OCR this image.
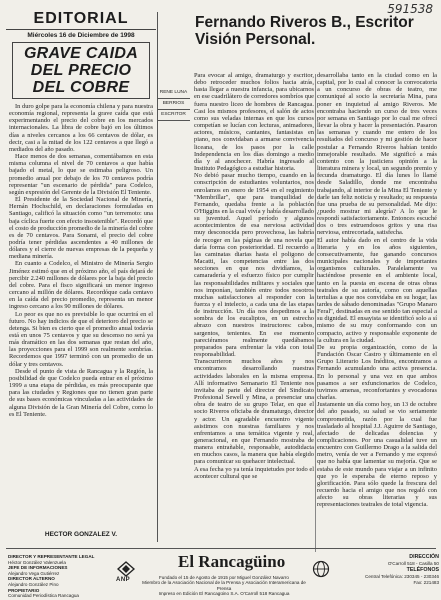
591538
EDITORIAL
Miércoles 16 de Diciembre de 1998
GRAVE CAIDA DEL PRECIO DEL COBRE

In duro golpe para la economía chilena y para nuestra economía regional, representa la grave caída que está experimentando el precio del cobre en los mercados internacionales. La libra de cobre bajó en los últimos días a niveles cercanos a los 66 centavos de dólar, es decir, casi a la mitad de los 122 centavos a que llegó a mediados del año pasado.

Hace menos de dos semanas, comentábamos en esta misma columna el nivel de 70 centavos a que había bajado el metal, lo que se estimaba peligroso. Un promedio anual por debajo de los 70 centavos podría representar "un escenario de pérdida" para Codelco, según expresión del Gerente de la División El Teniente.

El Presidente de la Sociedad Nacional de Minería, Hernán Hochschild, en declaraciones formuladas en Santiago, calificó la situación como "un terremoto: una baja cíclica fuerte con efecto insostenible". Recordó que el costo de producción promedio de la minería del cobre es de 70 centavos. Para Sonami, el precio del cobre podría tener pérdidas ascendentes a 40 millones de dólares y el cierre de nuevas empresas de la pequeña y mediana minería.

En cuanto a Codelco, el Ministro de Minería Sergio Jiménez estimó que en el próximo año, el país dejará de percibir 2.240 millones de dólares por la baja del precio del cobre. Para el fisco significará un menor ingreso cercano al millón de dólares. Recordóque cada centavo en la caída del precio promedio, representa un menor ingreso cercano a los 90 millones de dólares.

Lo peor es que no es previsible lo que ocurrirá en el futuro. No hay indicios de que el deterioro del precio se detenga. Si bien es cierto que el promedio anual todavía está en unos 75 centavos y que su descenso no será ya más dramático en las dos semanas que restan del año, las proyecciones para el 1999 son realmente sombrías. Recordemos que 1997 terminó con un promedio de un dólar y tres centavos.

Desde el punto de vista de Rancagua y la Región, la posibilidad de que Codelco pueda entrar en el próximo 1999 a una etapa de pérdidas, es más preocupante que para las ciudades y Regiones que no tienen gran parte de sus bases económicas vinculadas a las actividades de alguna División de la Gran Minería del Cobre, como lo es El Teniente.

HECTOR GONZALEZ V.
Fernando Riveros B., Escritor Visión Personal.
RENE LUNA
BERRIOS
ESCRITOR

Para evocar al amigo, dramaturgo y escritor, debo retroceder muchos folios hacia atrás, hasta llegar a nuestra infancia, para ubicarnos en ese cuadrilátero de corredores sombríos que fuera nuestro liceo de hombres de Rancagua. Casi los mismos profesores, el salón de actos como sus veladas internas en que los cursos competían se lucían con lecturas, animadores, actores, músicos, cantantes, fantasistas en piano, nos convidaban a armarse convivencia liceana, de los pasos por la calle Independencia en los días domingo a medio día y al anochecer. Habría ingresado al Instituto Pedagógico a estudiar historia.

No debió pasar mucho tiempo, cuando en la conscripción de estudiantes voluntarios, nos enrolamos en enero de 1954 en el regimiento "Membrillar", que para tranquilidad de Fernando, quedaba frente a la población O'Higgins en la cual vivía y había desarrollado su juventud. Aquel período y algunos acontecimientos de esa nerviosa actividad muy desconocida pero provechosa, las habría de recoger en las páginas de una novela que daría forma con posterioridad. El recuerdo a las caminatas diarias hasta el poligono de Macatti, las competencias entre las dos secciones en que nos dividíamos, la camaradería y el esfuerzo físico por cumplir las responsabilidades militares y sociales que nos imponían, también entre todos nosotros muchas satisfacciones al responder con la fuerza y el intelecto, a cada una de las etapas de instrucción. Un día nos despedimos a la sombra de los eucaliptos, en un estrecho abrazo con nuestros instructores: cabos, sargentos, tenientes. En ese momento pareciéramos realmente quedábamos preparados para enfrentar la vida con total responsabilidad.

Transcurrieron muchos años y nos encontramos desarrollando nuestras actividades laborales en la misma empresa. Allí informativo Semanario El Teniente nos invitaba de parte del director del Sindicato Profesional Sewell y Mina, a presenciar una obra de teatro de su grupo Telar, en que el socio Riveros oficiaba de dramaturgo, director y actor. Un agradable encuentro vigente asistimos con nuestras familiares y nos enfrentamos a una temática vigente y real, generacional, en que Fernando mostraba de manera entrañable, responsable, autodidacta en muchos casos, la manera que había elegido para comunicar su quehacer intelectual.

A esa fecha yo ya tenía inquietudes por todo el acontecer cultural que se

desarrollaba tanto en la ciudad como en la capital, por lo cual al conocer la convocatoria a un concurso de obras de teatro, me comuniqué al socio la secretaría Mina, para poner en inquietud al amigo Riveros. Me encontraba haciendo un curso de tres veces por semana en Santiago por lo cual me ofrecí llevar la obra y hacer la presentación. Pasaron las semanas y cuando me entero de los resultados del concurso y mi gestión de hacer postular a Fernando Riveros habían tenido inmejorable resultado. Me significó a más contento con la justiciera opinión a la literatura minera y local, un segundo premio y fecunda dramaturgo. El día lunes lo llamé desde Saladillo, donde me encontraba trabajando, al interior de la Mina El Teniente y darle tan feliz noticia y resultado; su respuesta fue una prueba de su personalidad. Me dijo: ¿puedo mostrar mi alegría? A lo que le respondí satisfactoriamente. Entonces escuché dos o tres estruendosos gritos y una risa nerviosa, entrecortada, satisfecha.

El autor había dado en el centro de la vida literaria y en los años siguientes, consecutivamente, fue ganando concursos municipales nacionales y de importantes organismos culturales. Paralelamente va haciéndose presente en el ambiente local, tanto en la puesta en escena de otras obras teatrales de su autoría, como con aquellas tertulias a que nos convidaba en su hogar, las tardes de sábado denominadas "Grupo Manaro Feral", destinadas en ese sentido tan especial a su dignidad. El ensayista se identificó solo a sí mismo de su muy conformando con un compacto, activo y responsable exponente de la cultura en la ciudad.

De su propia organización, como de la Fundación Oscar Castro y últimamente en el Grupo Literario Los Inéditos, encontramos a Fernando acumulando una activa presencia. En lo personal y una vez en que ambos pasamos a ser exfuncionarios de Codelco, tuvimos amenas, reconfortantes y evocadoras charlas.

Justamente un día como hoy, un 13 de octubre del año pasado, su salud se vio seriamente comprometida, razón por la cual fue trasladado al hospital J.J. Aguirre de Santiago, afectado de delicadas dolencias y complicaciones. Por una casualidad tuve un encuentro con Guillermo Drago a la salida del metro, venía de ver a Fernando y me expresó que no había que lamentar su mejoría. Que se estaba de este mundo para viajar a un infinito que yo le esperaba de eterno reposo y glorificación. Para sólo quede la frescura del recuerdo hacia el amigo que nos regaló con afecto su obras literarias y sus representaciones teatrales de total vigencia.

DIRECTOR Y REPRESENTANTE LEGAL
Héctor González Valenzuela
JEFE DE INFORMACIONES
Alejandro Vega Gutiérrez
DIRECTOR ALTERNO
Alejandro González Pino
PROPIETARIO
Comunidad Periodística Rancagua
ANP
El Rancagüino
Fundado el 15 de Agosto de 1915 por Miguel González Navarro
Miembro de la Asociación Nacional de la Prensa y Asociación Interamericana de Prensa
Impreso en Edición El Rancagüino S.A. O'Carroll 518 Rancagua
DIRECCIÓN
O'Carroll 518 - Casilla 50
TELÉFONOS
Central Telefónica: 230345 - 230346
Fax: 221483
